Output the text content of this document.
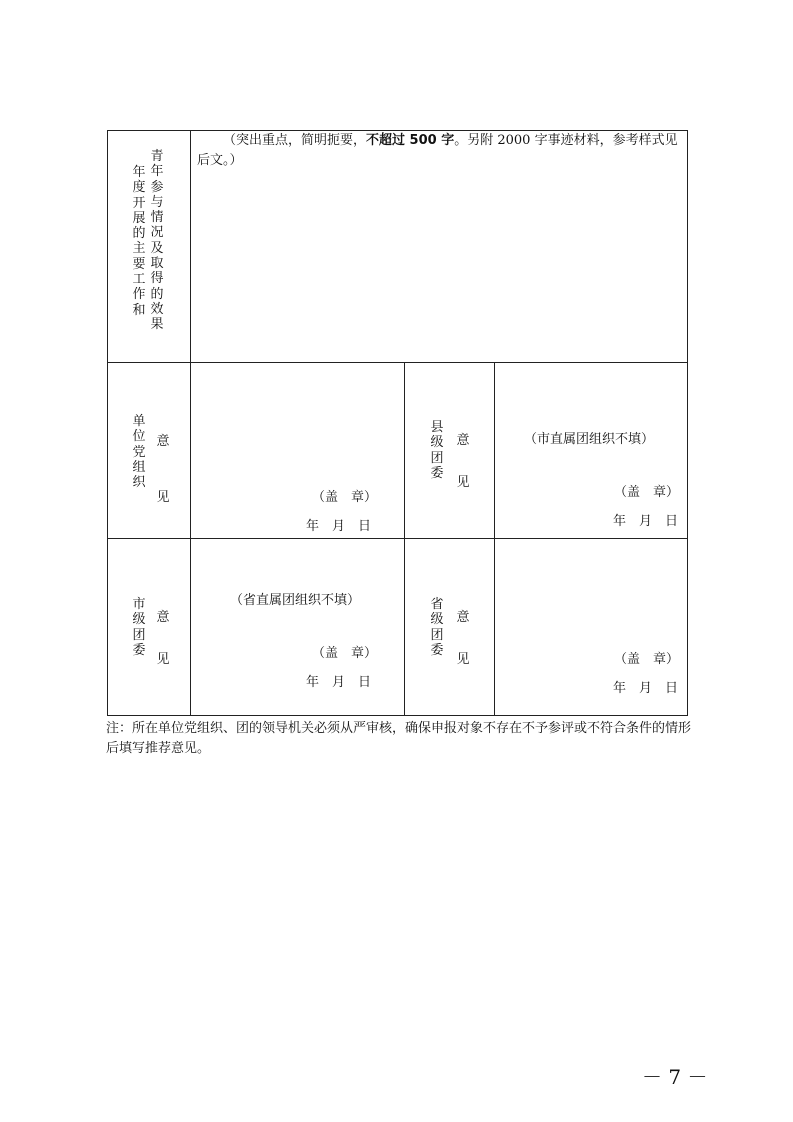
年度开展的主要工作和
青年参与情况及取得的效果

（突出重点，简明扼要，不超过 500 字。另附 2000 字事迹材料，参考样式见后文。）

单位党组织
意见	（盖　章）
年　月　日
县级团委
意见
（市直属团组织不填）
（盖　章）
年　月　日
市级团委
意见
（省直属团组织不填）
（盖　章）
年　月　日
省级团委
意见	（盖　章）
年　月　日

注：所在单位党组织、团的领导机关必须从严审核，确保申报对象不存在不予参评或不符合条件的情形后填写推荐意见。

－ 7 －
